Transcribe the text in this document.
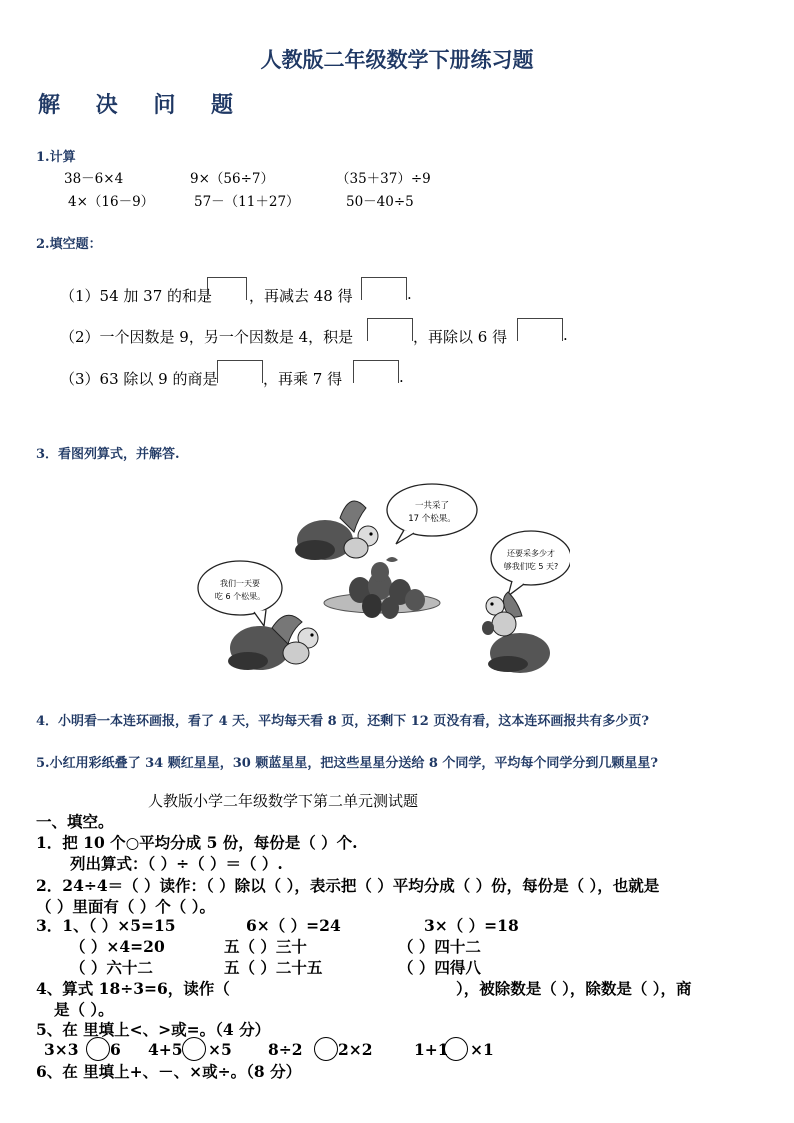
人教版二年级数学下册练习题
解 决 问 题
1.计算
38－6×4	9×（56÷7）	（35＋37）÷9
4×（16－9）	57－（11＋27）	50－40÷5
2.填空题：
（1）54 加 37 的和是 ，再减去 48 得	.
（2）一个因数是 9，另一个因数是 4，积是	，再除以 6 得	.
（3）63 除以 9 的商是	，再乘 7 得	.
3．看图列算式，并解答.
一共采了
17 个松果。
还要采多少才
够我们吃 5 天?
我们一天要
吃 6 个松果。
4．小明看一本连环画报，看了 4 天，平均每天看 8 页，还剩下 12 页没有看，这本连环画报共有多少页?
5.小红用彩纸叠了 34 颗红星星，30 颗蓝星星，把这些星星分送给 8 个同学，平均每个同学分到几颗星星?
人教版小学二年级数学下第二单元测试题
一、填空。
1．把 10 个○平均分成 5 份，每份是（ ）个.
列出算式：（ ）÷（ ）＝（ ）.
2．24÷4＝（ ）读作：（ ）除以（ ），表示把（ ）平均分成（ ）份，每份是（ ），也就是
（ ）里面有（ ）个（ ）。
3．1、（ ）×5=15	6×（ ）=24	3×（ ）=18
（ ）×4=20	五（ ）三十	（ ）四十二
（ ）六十二	五（ ）二十五	（ ）四得八
4、算式 18÷3=6，读作（	），被除数是（ ），除数是（ ），商
是（ ）。
5、在 里填上<、>或=。（4 分）
3×3 6 4+5 ×5 8÷2 2×2	1+1 ×1
6、在 里填上+、－、×或÷。（8 分）
